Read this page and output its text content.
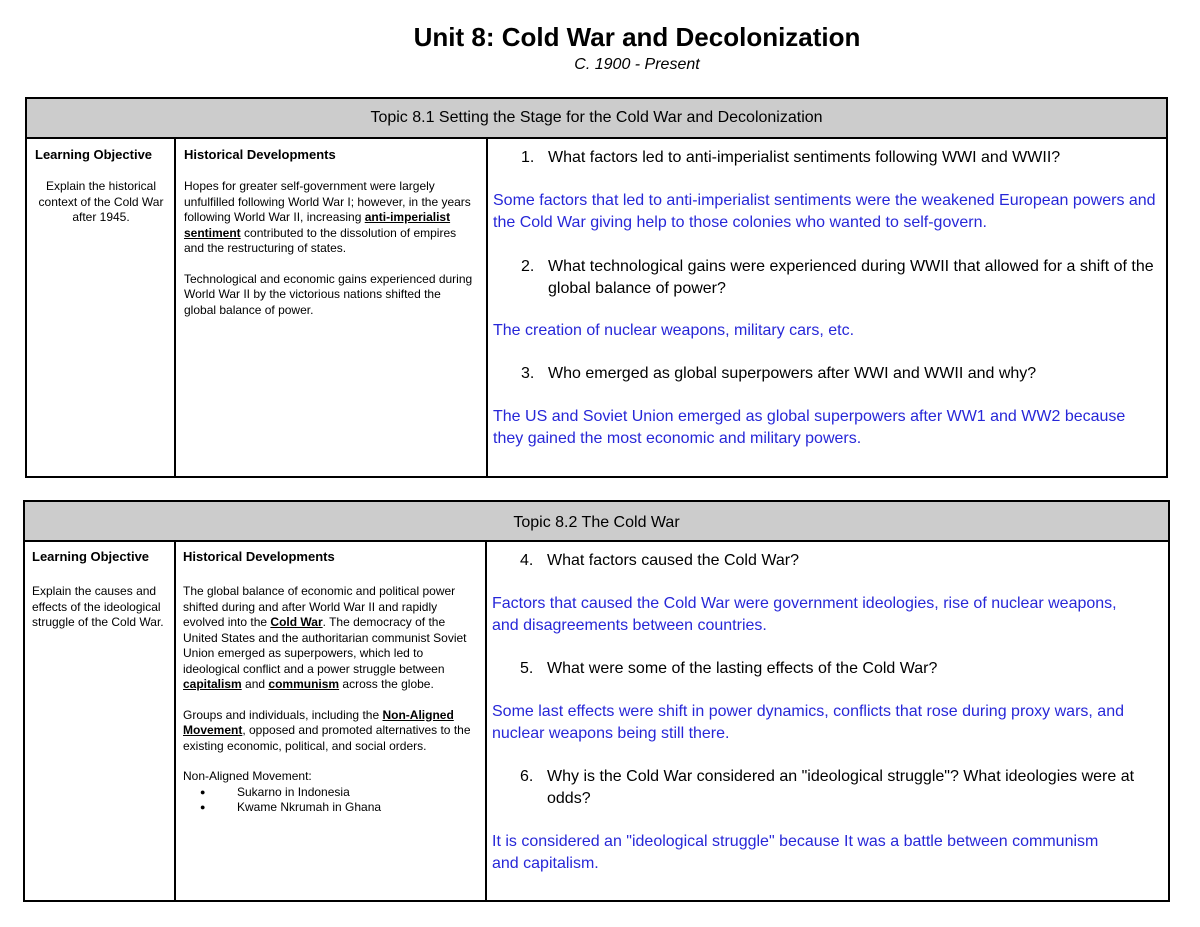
Unit 8: Cold War and Decolonization
C. 1900 - Present
Topic 8.1 Setting the Stage for the Cold War and Decolonization
Learning Objective
Explain the historical context of the Cold War after 1945.
Historical Developments

Hopes for greater self-government were largely unfulfilled following World War I; however, in the years following World War II, increasing anti-imperialist sentiment contributed to the dissolution of empires and the restructuring of states.

Technological and economic gains experienced during World War II by the victorious nations shifted the global balance of power.

1. What factors led to anti-imperialist sentiments following WWI and WWII?
Some factors that led to anti-imperialist sentiments were the weakened European powers and the Cold War giving help to those colonies who wanted to self-govern.
2. What technological gains were experienced during WWII that allowed for a shift of the global balance of power?
The creation of nuclear weapons, military cars, etc.
3. Who emerged as global superpowers after WWI and WWII and why?
The US and Soviet Union emerged as global superpowers after WW1 and WW2 because they gained the most economic and military powers.
Topic 8.2 The Cold War
Learning Objective
Explain the causes and effects of the ideological struggle of the Cold War.
Historical Developments

The global balance of economic and political power shifted during and after World War II and rapidly evolved into the Cold War. The democracy of the United States and the authoritarian communist Soviet Union emerged as superpowers, which led to ideological conflict and a power struggle between capitalism and communism across the globe.

Groups and individuals, including the Non-Aligned Movement, opposed and promoted alternatives to the existing economic, political, and social orders.

Non-Aligned Movement:

● Sukarno in Indonesia
● Kwame Nkrumah in Ghana
4. What factors caused the Cold War?
Factors that caused the Cold War were government ideologies, rise of nuclear weapons, and disagreements between countries.
5. What were some of the lasting effects of the Cold War?
Some last effects were shift in power dynamics, conflicts that rose during proxy wars, and nuclear weapons being still there.
6. Why is the Cold War considered an "ideological struggle"? What ideologies were at odds?
It is considered an "ideological struggle" because It was a battle between communism and capitalism.
